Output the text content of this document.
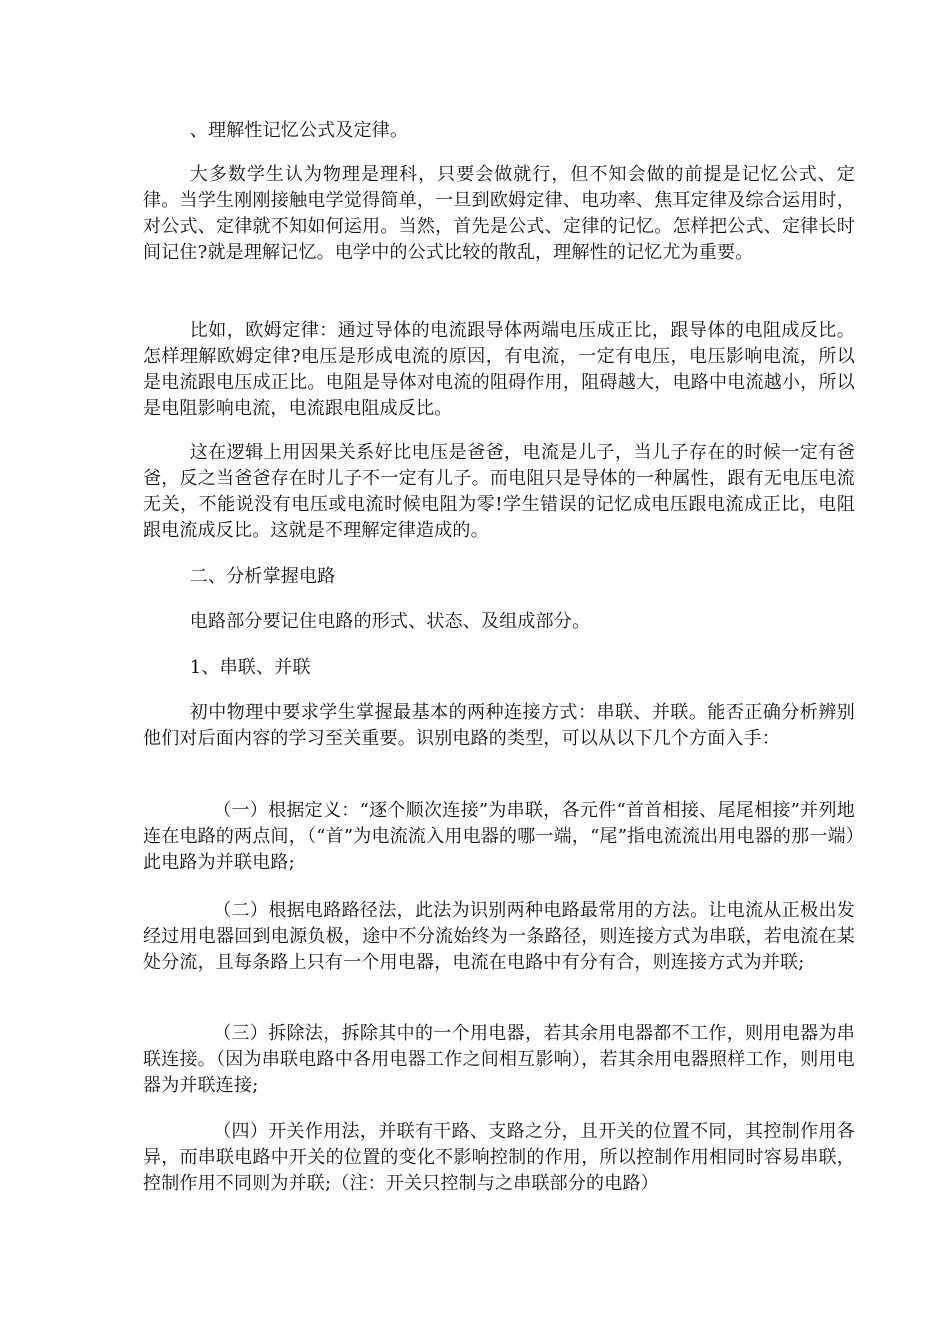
、理解性记忆公式及定律。

大多数学生认为物理是理科，只要会做就行，但不知会做的前提是记忆公式、定律。当学生刚刚接触电学觉得简单，一旦到欧姆定律、电功率、焦耳定律及综合运用时，对公式、定律就不知如何运用。当然，首先是公式、定律的记忆。怎样把公式、定律长时间记住?就是理解记忆。电学中的公式比较的散乱，理解性的记忆尤为重要。

比如，欧姆定律：通过导体的电流跟导体两端电压成正比，跟导体的电阻成反比。怎样理解欧姆定律?电压是形成电流的原因，有电流，一定有电压，电压影响电流，所以是电流跟电压成正比。电阻是导体对电流的阻碍作用，阻碍越大，电路中电流越小，所以是电阻影响电流，电流跟电阻成反比。

这在逻辑上用因果关系好比电压是爸爸，电流是儿子，当儿子存在的时候一定有爸爸，反之当爸爸存在时儿子不一定有儿子。而电阻只是导体的一种属性，跟有无电压电流无关，不能说没有电压或电流时候电阻为零!学生错误的记忆成电压跟电流成正比，电阻跟电流成反比。这就是不理解定律造成的。

二、分析掌握电路

电路部分要记住电路的形式、状态、及组成部分。

1、串联、并联

初中物理中要求学生掌握最基本的两种连接方式：串联、并联。能否正确分析辨别他们对后面内容的学习至关重要。识别电路的类型，可以从以下几个方面入手：

（一）根据定义：“逐个顺次连接”为串联，各元件“首首相接、尾尾相接”并列地连在电路的两点间，（“首”为电流流入用电器的哪一端，“尾”指电流流出用电器的那一端）此电路为并联电路;

（二）根据电路路径法，此法为识别两种电路最常用的方法。让电流从正极出发经过用电器回到电源负极，途中不分流始终为一条路径，则连接方式为串联，若电流在某处分流，且每条路上只有一个用电器，电流在电路中有分有合，则连接方式为并联;

（三）拆除法，拆除其中的一个用电器，若其余用电器都不工作，则用电器为串联连接。（因为串联电路中各用电器工作之间相互影响），若其余用电器照样工作，则用电器为并联连接;

（四）开关作用法，并联有干路、支路之分，且开关的位置不同，其控制作用各异，而串联电路中开关的位置的变化不影响控制的作用，所以控制作用相同时容易串联，控制作用不同则为并联;（注：开关只控制与之串联部分的电路）
